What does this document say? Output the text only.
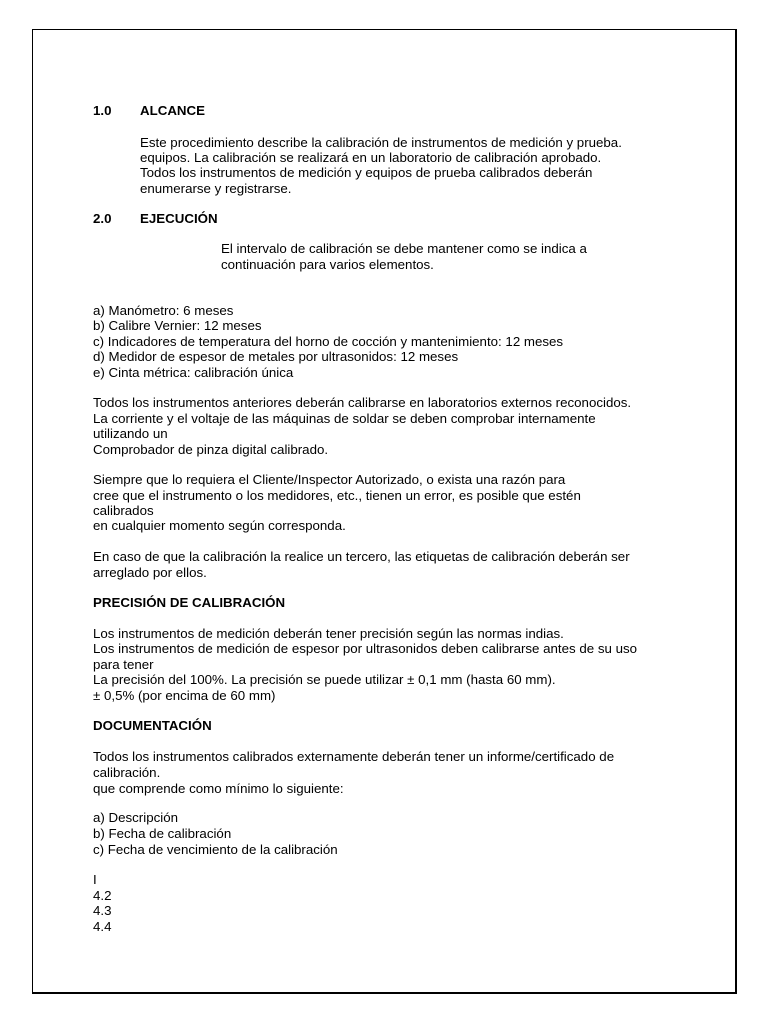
1.0 ALCANCE
Este procedimiento describe la calibración de instrumentos de medición y prueba.
equipos. La calibración se realizará en un laboratorio de calibración aprobado.
Todos los instrumentos de medición y equipos de prueba calibrados deberán
enumerarse y registrarse.
2.0 EJECUCIÓN
El intervalo de calibración se debe mantener como se indica a
continuación para varios elementos.
a) Manómetro: 6 meses
b) Calibre Vernier: 12 meses
c) Indicadores de temperatura del horno de cocción y mantenimiento: 12 meses
d) Medidor de espesor de metales por ultrasonidos: 12 meses
e) Cinta métrica: calibración única
Todos los instrumentos anteriores deberán calibrarse en laboratorios externos reconocidos.
La corriente y el voltaje de las máquinas de soldar se deben comprobar internamente
utilizando un
Comprobador de pinza digital calibrado.
Siempre que lo requiera el Cliente/Inspector Autorizado, o exista una razón para
cree que el instrumento o los medidores, etc., tienen un error, es posible que estén
calibrados
en cualquier momento según corresponda.
En caso de que la calibración la realice un tercero, las etiquetas de calibración deberán ser
arreglado por ellos.
PRECISIÓN DE CALIBRACIÓN
Los instrumentos de medición deberán tener precisión según las normas indias.
Los instrumentos de medición de espesor por ultrasonidos deben calibrarse antes de su uso
para tener
La precisión del 100%. La precisión se puede utilizar ± 0,1 mm (hasta 60 mm).
± 0,5% (por encima de 60 mm)
DOCUMENTACIÓN
Todos los instrumentos calibrados externamente deberán tener un informe/certificado de
calibración.
que comprende como mínimo lo siguiente:
a) Descripción
b) Fecha de calibración
c) Fecha de vencimiento de la calibración
I
4.2
4.3
4.4
